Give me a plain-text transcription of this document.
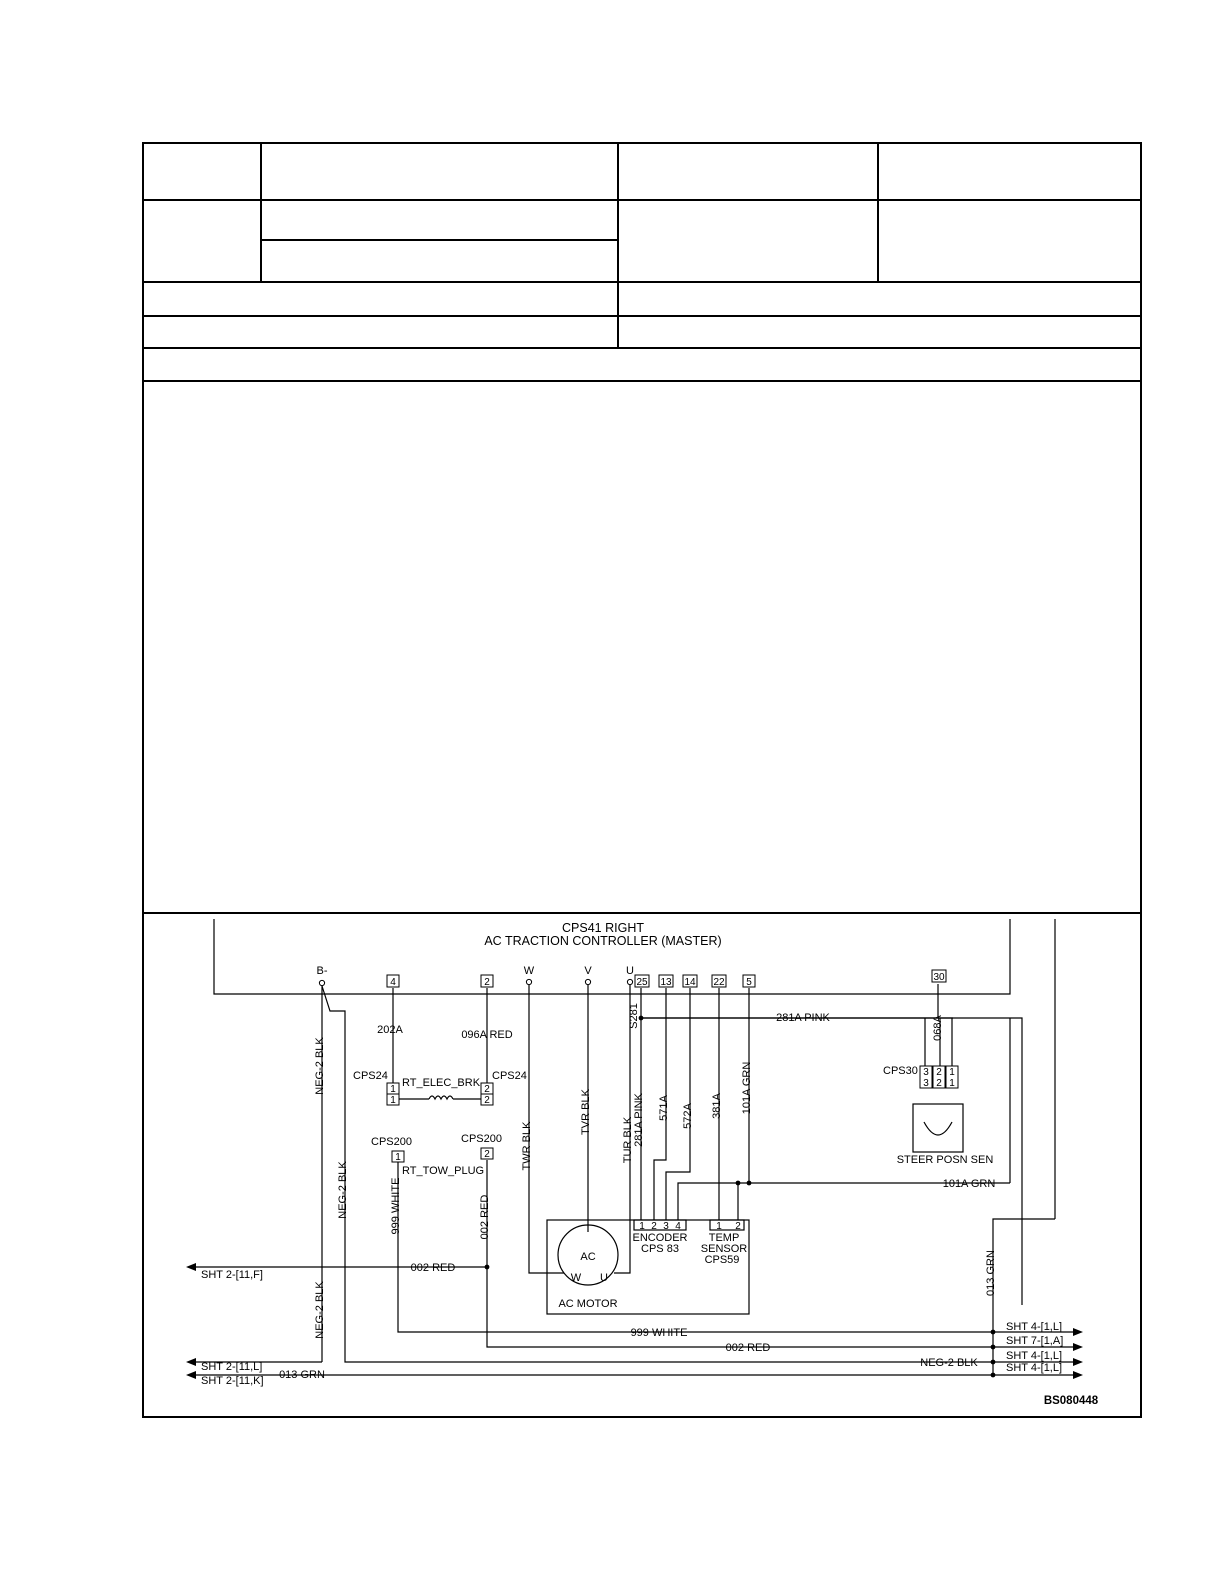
CPS41 RIGHT
AC TRACTION CONTROLLER (MASTER)
B-	W	V	U
4	2	25 13 14 22 5	30
202A	096A RED
CPS24	CPS24
RT_ELEC_BRK
1
1
2
2
CPS200	CPS200
RT_TOW_PLUG
1	2
NEG-2 BLK
NEG-2 BLK
NEG-2 BLK
999 WHITE	002 RED
TWR BLK
TVR BLK
TUR BLK
S281
281A PINK 571A 572A 381A 101A GRN
281A PINK	068A
101A GRN
013 GRN
CPS30 3
3
2
2
1
1
STEER POSN SEN
AC
W U
AC MOTOR
1 2 3 4	1 2
ENCODER
CPS 83
TEMP
SENSOR
CPS59
002 RED
999 WHITE
002 RED
NEG-2 BLK
013 GRN
SHT 2-[11,F]
SHT 2-[11,L]
SHT 2-[11,K]
SHT 4-[1,L]
SHT 7-[1,A]
SHT 4-[1,L]
SHT 4-[1,L]
BS080448
